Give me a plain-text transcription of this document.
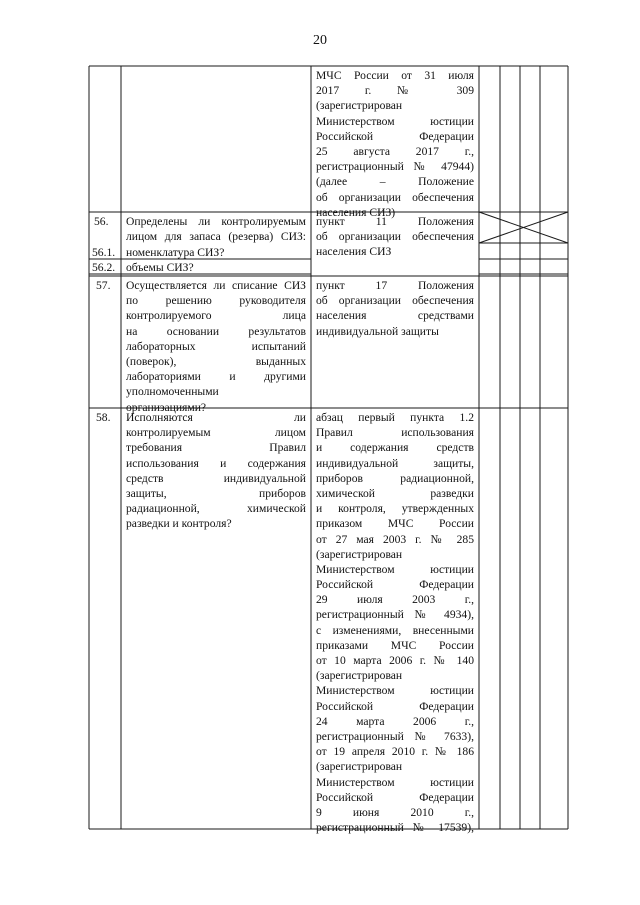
20
МЧС России от 31 июля
2017 г. № 309
(зарегистрирован
Министерством юстиции
Российской Федерации
25 августа 2017 г.,
регистрационный № 47944)
(далее – Положение
об организации обеспечения
населения СИЗ)
56. Определены ли контролируемым
лицом для запаса (резерва) СИЗ:
пункт 11 Положения
об организации обеспечения
населения СИЗ
56.1. номенклатура СИЗ?
56.2. объемы СИЗ?
57. Осуществляется ли списание СИЗ
по решению руководителя
контролируемого лица
на основании результатов
лабораторных испытаний
(поверок), выданных
лабораториями и другими
уполномоченными
организациями?
пункт 17 Положения
об организации обеспечения
населения средствами
индивидуальной защиты
58. Исполняются ли
контролируемым лицом
требования Правил
использования и содержания
средств индивидуальной
защиты, приборов
радиационной, химической
разведки и контроля?
абзац первый пункта 1.2
Правил использования
и содержания средств
индивидуальной защиты,
приборов радиационной,
химической разведки
и контроля, утвержденных
приказом МЧС России
от 27 мая 2003 г. № 285
(зарегистрирован
Министерством юстиции
Российской Федерации
29 июля 2003 г.,
регистрационный № 4934),
с изменениями, внесенными
приказами МЧС России
от 10 марта 2006 г. № 140
(зарегистрирован
Министерством юстиции
Российской Федерации
24 марта 2006 г.,
регистрационный № 7633),
от 19 апреля 2010 г. № 186
(зарегистрирован
Министерством юстиции
Российской Федерации
9 июня 2010 г.,
регистрационный № 17539),
